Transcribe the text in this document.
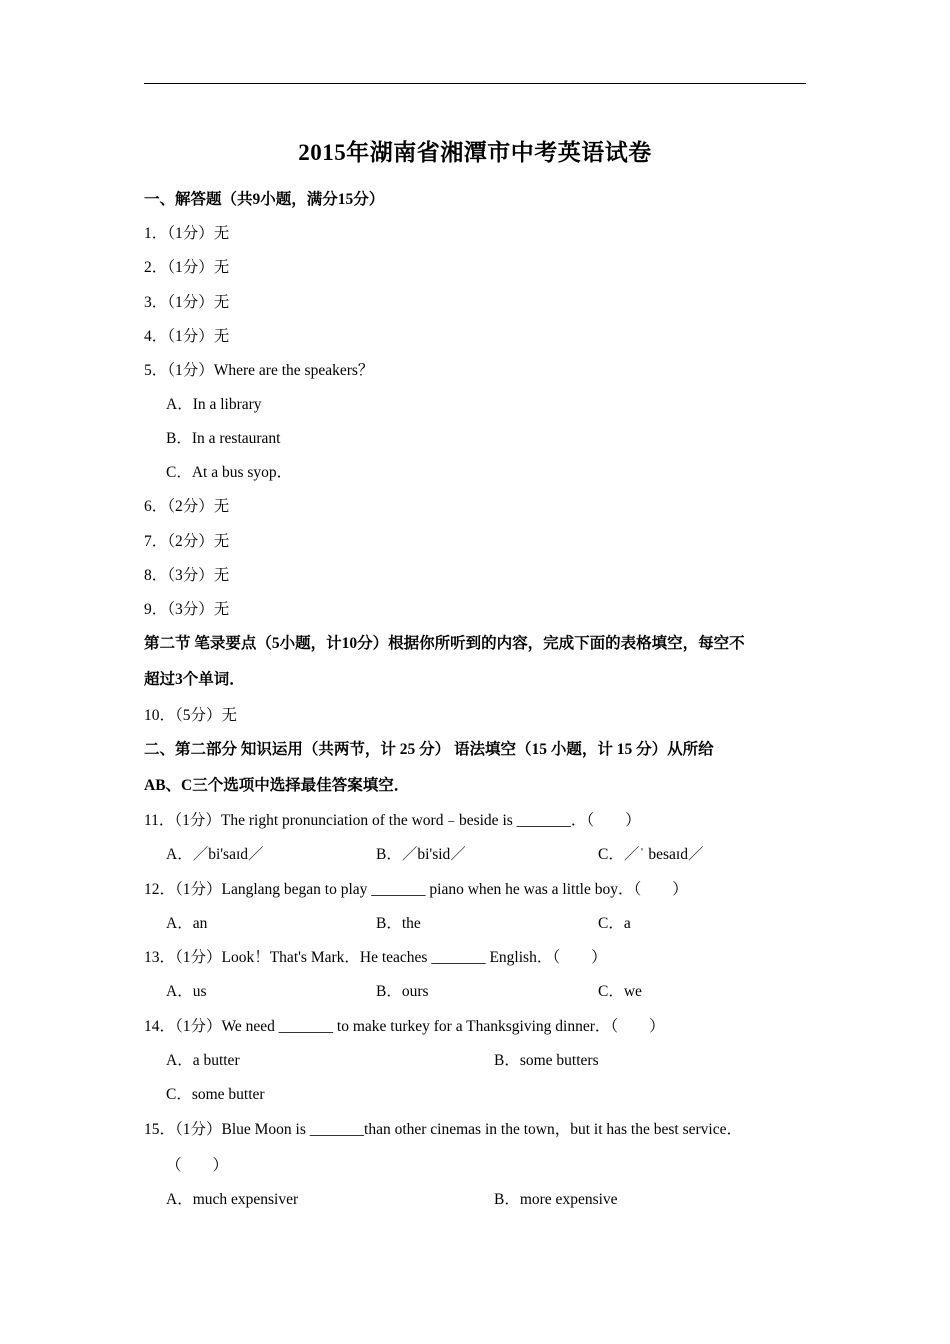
2015年湖南省湘潭市中考英语试卷
一、解答题（共9小题，满分15分）
1．（1分）无
2．（1分）无
3．（1分）无
4．（1分）无
5．（1分）Where are the speakers？
A．In a library
B．In a restaurant
C．At a bus syop．
6．（2分）无
7．（2分）无
8．（3分）无
9．（3分）无
第二节 笔录要点（5小题，计10分）根据你所听到的内容，完成下面的表格填空，每空不
超过3个单词．
10．（5分）无
二、第二部分 知识运用（共两节，计 25 分） 语法填空（15 小题，计 15 分）从所给
AB、C三个选项中选择最佳答案填空．
11．（1分）The right pronunciation of the word﹣beside is _______．（　　）
A．／bi'saɪd／	B．／bi'sid／	C．／ˈ besaɪd／
12．（1分）Langlang began to play _______ piano when he was a little boy．（　　）
A．an	B．the	C．a
13．（1分）Look！That's Mark．He teaches _______ English．（　　）
A．us	B．ours	C．we
14．（1分）We need _______ to make turkey for a Thanksgiving dinner．（　　）
A．a butter	B．some butters
C．some butter
15．（1分）Blue Moon is _______than other cinemas in the town，but it has the best service．
（　　）
A．much expensiver	B．more expensive
